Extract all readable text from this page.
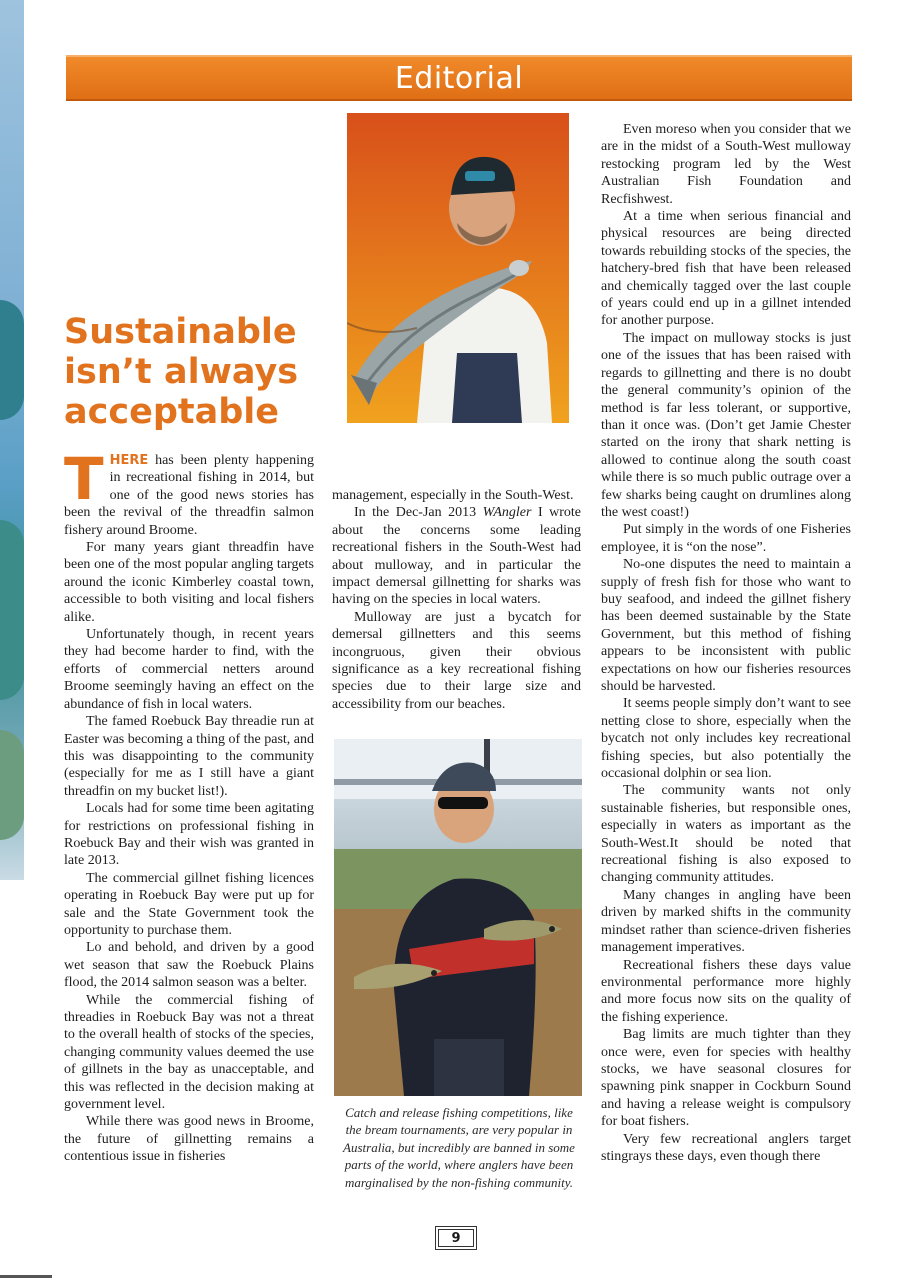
Editorial
Sustainable
isn’t always
acceptable

THERE has been plenty happening in recreational fishing in 2014, but one of the good news stories has been the revival of the threadfin salmon fishery around Broome.

For many years giant threadfin have been one of the most popular angling targets around the iconic Kimberley coastal town, accessible to both visiting and local fishers alike.

Unfortunately though, in recent years they had become harder to find, with the efforts of commercial netters around Broome seemingly having an effect on the abundance of fish in local waters.

The famed Roebuck Bay threadie run at Easter was becoming a thing of the past, and this was disappointing to the community (especially for me as I still have a giant threadfin on my bucket list!).

Locals had for some time been agitating for restrictions on professional fishing in Roebuck Bay and their wish was granted in late 2013.

The commercial gillnet fishing licences operating in Roebuck Bay were put up for sale and the State Government took the opportunity to purchase them.

Lo and behold, and driven by a good wet season that saw the Roebuck Plains flood, the 2014 salmon season was a belter.

While the commercial fishing of threadies in Roebuck Bay was not a threat to the overall health of stocks of the species, changing community values deemed the use of gillnets in the bay as unacceptable, and this was reflected in the decision making at government level.

While there was good news in Broome, the future of gillnetting remains a contentious issue in fisheries

management, especially in the South-West.

In the Dec-Jan 2013 WAngler I wrote about the concerns some leading recreational fishers in the South-West had about mulloway, and in particular the impact demersal gillnetting for sharks was having on the species in local waters.

Mulloway are just a bycatch for demersal gillnetters and this seems incongruous, given their obvious significance as a key recreational fishing species due to their large size and accessibility from our beaches.

Catch and release fishing competitions, like the bream tournaments, are very popular in Australia, but incredibly are banned in some parts of the world, where anglers have been marginalised by the non-fishing community.

Even moreso when you consider that we are in the midst of a South-West mulloway restocking program led by the West Australian Fish Foundation and Recfishwest.

At a time when serious financial and physical resources are being directed towards rebuilding stocks of the species, the hatchery-bred fish that have been released and chemically tagged over the last couple of years could end up in a gillnet intended for another purpose.

The impact on mulloway stocks is just one of the issues that has been raised with regards to gillnetting and there is no doubt the general community’s opinion of the method is far less tolerant, or supportive, than it once was. (Don’t get Jamie Chester started on the irony that shark netting is allowed to continue along the south coast while there is so much public outrage over a few sharks being caught on drumlines along the west coast!)

Put simply in the words of one Fisheries employee, it is “on the nose”.

No-one disputes the need to maintain a supply of fresh fish for those who want to buy seafood, and indeed the gillnet fishery has been deemed sustainable by the State Government, but this method of fishing appears to be inconsistent with public expectations on how our fisheries resources should be harvested.

It seems people simply don’t want to see netting close to shore, especially when the bycatch not only includes key recreational fishing species, but also potentially the occasional dolphin or sea lion.

The community wants not only sustainable fisheries, but responsible ones, especially in waters as important as the South-West.It should be noted that recreational fishing is also exposed to changing community attitudes.

Many changes in angling have been driven by marked shifts in the community mindset rather than science-driven fisheries management imperatives.

Recreational fishers these days value environmental performance more highly and more focus now sits on the quality of the fishing experience.

Bag limits are much tighter than they once were, even for species with healthy stocks, we have seasonal closures for spawning pink snapper in Cockburn Sound and having a release weight is compulsory for boat fishers.

Very few recreational anglers target stingrays these days, even though there

9
